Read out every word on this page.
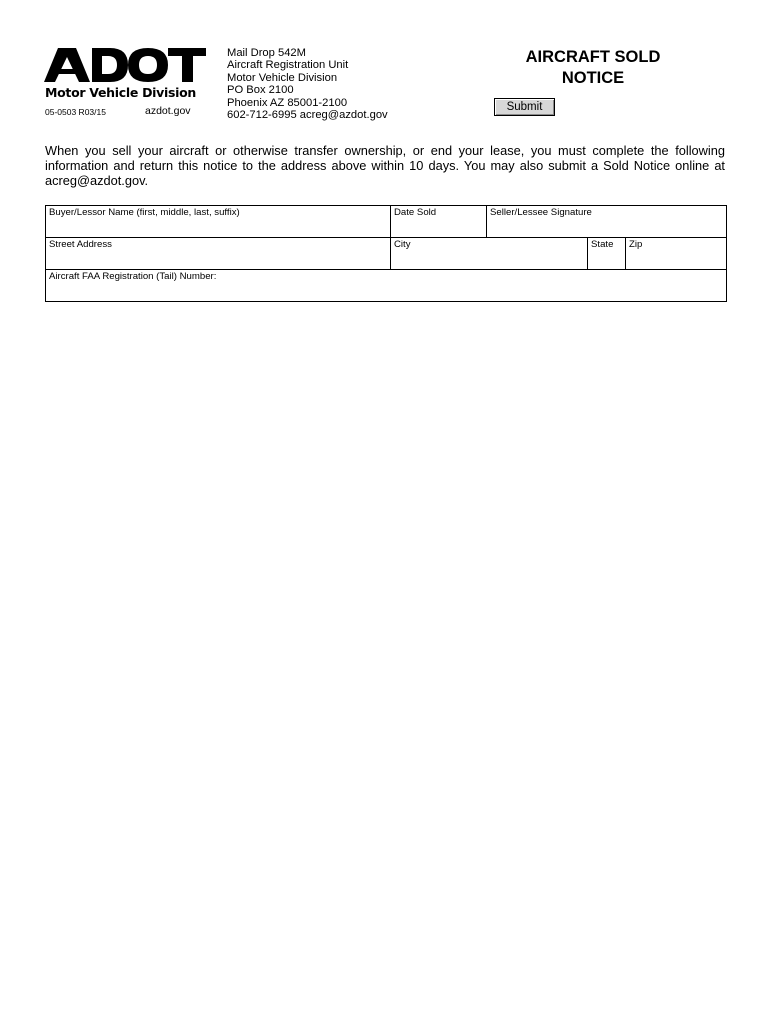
Motor Vehicle Division
05-0503 R03/15	azdot.gov
Mail Drop 542M
Aircraft Registration Unit
Motor Vehicle Division
PO Box 2100
Phoenix AZ 85001-2100
602-712-6995 acreg@azdot.gov
AIRCRAFT SOLD
NOTICE
Submit
When you sell your aircraft or otherwise transfer ownership, or end your lease, you must complete the following information and return this notice to the address above within 10 days. You may also submit a Sold Notice online at acreg@azdot.gov.
Buyer/Lessor Name (first, middle, last, suffix)	Date Sold	Seller/Lessee Signature		
Street Address	City		State	Zip
Aircraft FAA Registration (Tail) Number:				
